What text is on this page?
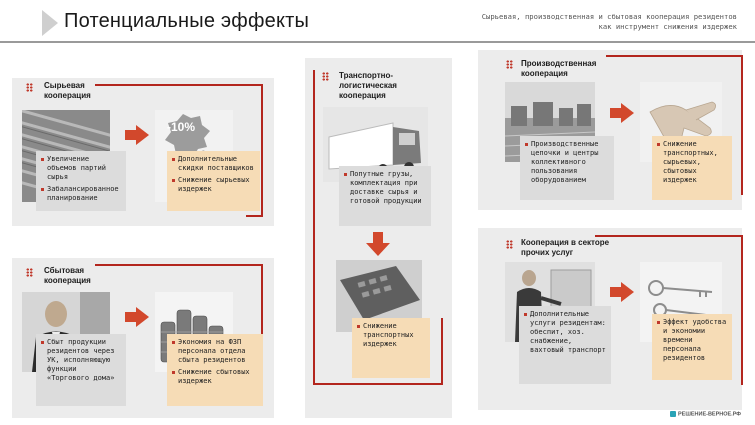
Потенциальные эффекты	Сырьевая, производственная и сбытовая кооперация резидентов
как инструмент снижения издержек
Сырьевая
кооперация
Увеличение объемов партий сырья
Забалансированное планирование
-10%
Дополнительные скидки поставщиков
Снижение сырьевых издержек
Сбытовая
кооперация
Сбыт продукции резидентов через УК, исполняющую функции «Торгового дома»
Экономия на ФЗП персонала отдела сбыта резидентов
Снижение сбытовых издержек
Транспортно-
логистическая
кооперация
Попутные грузы, комплектация при доставке сырья и готовой продукции
Снижение транспортных издержек
Производственная
кооперация
Производственные цепочки и центры коллективного пользования оборудованием
Снижение транспортных, сырьевых, сбытовых издержек
Кооперация в секторе
прочих услуг
Дополнительные услуги резидентам: обеспит, хоз. снабжение, вахтовый транспорт
Эффект удобства и экономии времени персонала резидентов
РЕШЕНИЕ-ВЕРНОЕ.РФ
